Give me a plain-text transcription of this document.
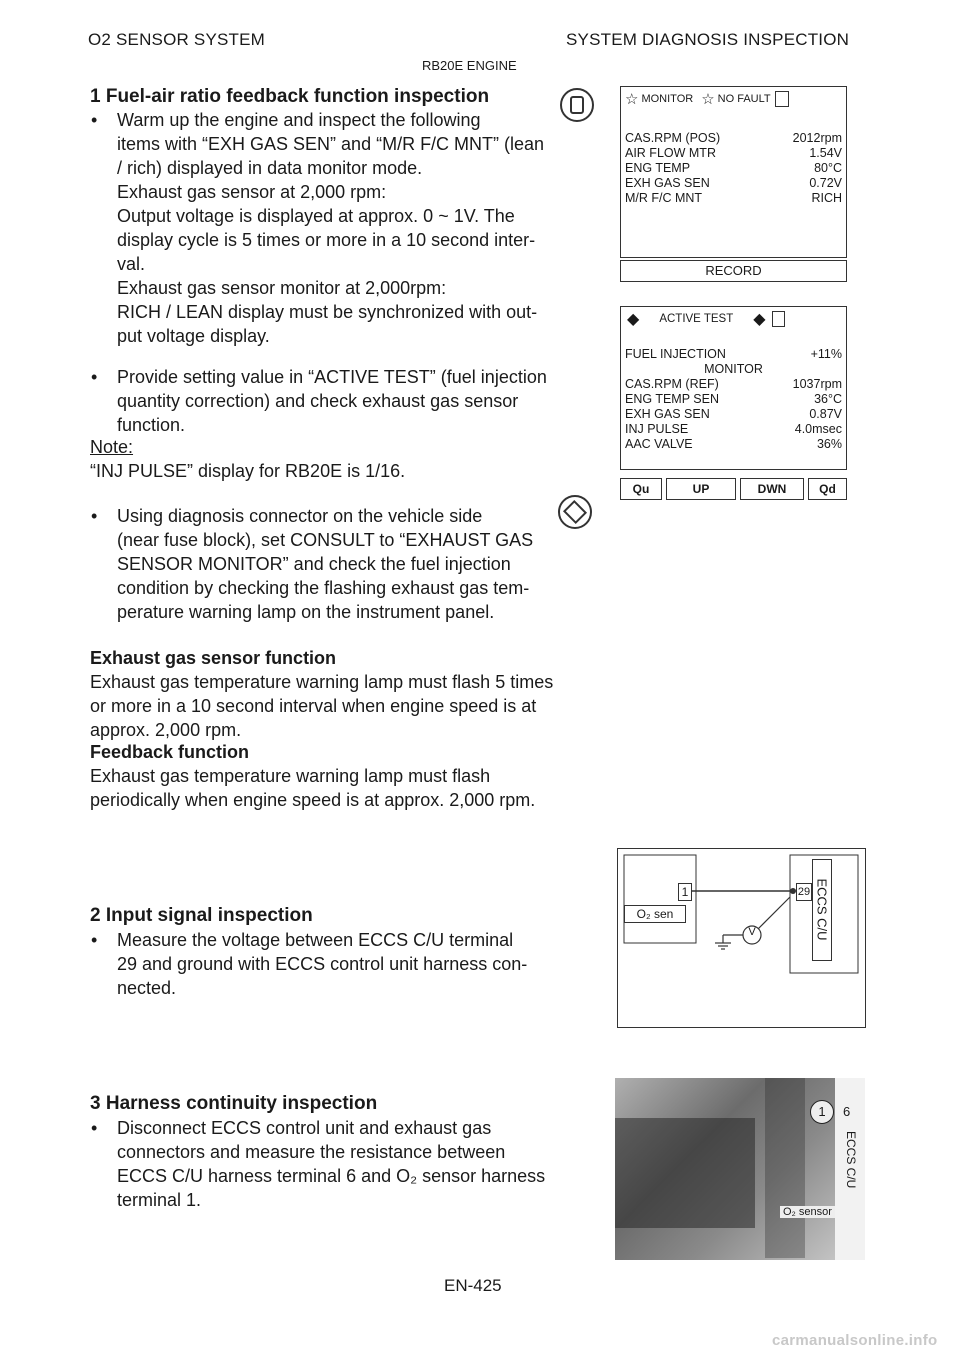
O2 SENSOR SYSTEM	SYSTEM DIAGNOSIS INSPECTION
RB20E ENGINE
1 Fuel-air ratio feedback function inspection
• Warm up the engine and inspect the following
items with “EXH GAS SEN” and “M/R F/C MNT” (lean
/ rich) displayed in data monitor mode.
Exhaust gas sensor at 2,000 rpm:
Output voltage is displayed at approx. 0 ~ 1V. The
display cycle is 5 times or more in a 10 second inter-
val.
Exhaust gas sensor monitor at 2,000rpm:
RICH / LEAN display must be synchronized with out-
put voltage display.
• Provide setting value in “ACTIVE TEST” (fuel injection
quantity correction) and check exhaust gas sensor
function.
Note:
“INJ PULSE” display for RB20E is 1/16.
• Using diagnosis connector on the vehicle side
(near fuse block), set CONSULT to “EXHAUST GAS
SENSOR MONITOR” and check the fuel injection
condition by checking the flashing exhaust gas tem-
perature warning lamp on the instrument panel.
Exhaust gas sensor function
Exhaust gas temperature warning lamp must flash 5 times
or more in a 10 second interval when engine speed is at
approx. 2,000 rpm.
Feedback function
Exhaust gas temperature warning lamp must flash
periodically when engine speed is at approx. 2,000 rpm.
2 Input signal inspection
• Measure the voltage between ECCS C/U terminal
29 and ground with ECCS control unit harness con-
nected.
3 Harness continuity inspection
• Disconnect ECCS control unit and exhaust gas
connectors and measure the resistance between
ECCS C/U harness terminal 6 and O₂ sensor harness
terminal 1.
☆ MONITOR ☆ NO FAULT
CAS.RPM (POS)	2012rpm
AIR FLOW MTR	1.54V
ENG TEMP	80°C
EXH GAS SEN	0.72V
M/R F/C MNT	RICH
RECORD
◆ ACTIVE TEST ◆
FUEL INJECTION	+11%
MONITOR
CAS.RPM (REF)	1037rpm
ENG TEMP SEN	36°C
EXH GAS SEN	0.87V
INJ PULSE	4.0msec
AAC VALVE	36%
Qu	UP	DWN	Qd
1
O₂ sen
29 ECCS C/U
V
1	6
ECCS C/U
O₂ sensor
EN-425
carmanualsonline.info
